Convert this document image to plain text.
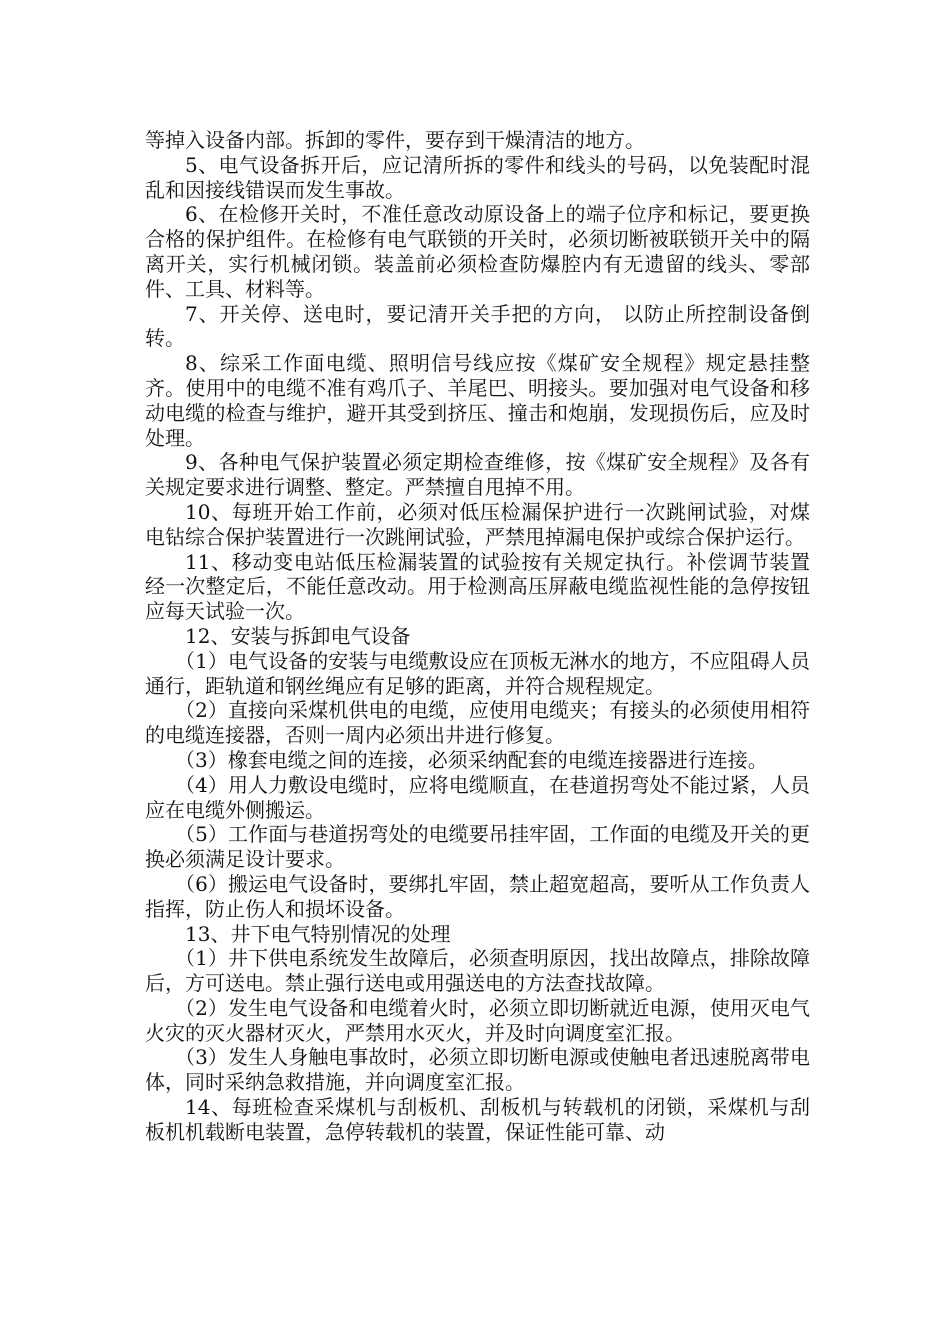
等掉入设备内部。拆卸的零件，要存到干燥清洁的地方。

5、电气设备拆开后，应记清所拆的零件和线头的号码，以免装配时混乱和因接线错误而发生事故。

6、在检修开关时，不准任意改动原设备上的端子位序和标记，要更换合格的保护组件。在检修有电气联锁的开关时，必须切断被联锁开关中的隔离开关，实行机械闭锁。装盖前必须检查防爆腔内有无遗留的线头、零部件、工具、材料等。

7、开关停、送电时，要记清开关手把的方向， 以防止所控制设备倒转。

8、综采工作面电缆、照明信号线应按《煤矿安全规程》规定悬挂整齐。使用中的电缆不准有鸡爪子、羊尾巴、明接头。要加强对电气设备和移动电缆的检查与维护，避开其受到挤压、撞击和炮崩，发现损伤后，应及时处理。

9、各种电气保护装置必须定期检查维修，按《煤矿安全规程》及各有关规定要求进行调整、整定。严禁擅自甩掉不用。

10、每班开始工作前，必须对低压检漏保护进行一次跳闸试验，对煤电钻综合保护装置进行一次跳闸试验，严禁甩掉漏电保护或综合保护运行。

11、移动变电站低压检漏装置的试验按有关规定执行。补偿调节装置经一次整定后，不能任意改动。用于检测高压屏蔽电缆监视性能的急停按钮应每天试验一次。

12、安装与拆卸电气设备

（1）电气设备的安装与电缆敷设应在顶板无淋水的地方，不应阻碍人员通行，距轨道和钢丝绳应有足够的距离，并符合规程规定。

（2）直接向采煤机供电的电缆，应使用电缆夹；有接头的必须使用相符的电缆连接器，否则一周内必须出井进行修复。

（3）橡套电缆之间的连接，必须采纳配套的电缆连接器进行连接。

（4）用人力敷设电缆时，应将电缆顺直，在巷道拐弯处不能过紧，人员应在电缆外侧搬运。

（5）工作面与巷道拐弯处的电缆要吊挂牢固，工作面的电缆及开关的更换必须满足设计要求。

（6）搬运电气设备时，要绑扎牢固，禁止超宽超高，要听从工作负责人指挥，防止伤人和损坏设备。

13、井下电气特别情况的处理

（1）井下供电系统发生故障后，必须查明原因，找出故障点，排除故障后，方可送电。禁止强行送电或用强送电的方法查找故障。

（2）发生电气设备和电缆着火时，必须立即切断就近电源，使用灭电气火灾的灭火器材灭火，严禁用水灭火，并及时向调度室汇报。

（3）发生人身触电事故时，必须立即切断电源或使触电者迅速脱离带电体，同时采纳急救措施，并向调度室汇报。

14、每班检查采煤机与刮板机、刮板机与转载机的闭锁，采煤机与刮板机机载断电装置，急停转载机的装置，保证性能可靠、动
